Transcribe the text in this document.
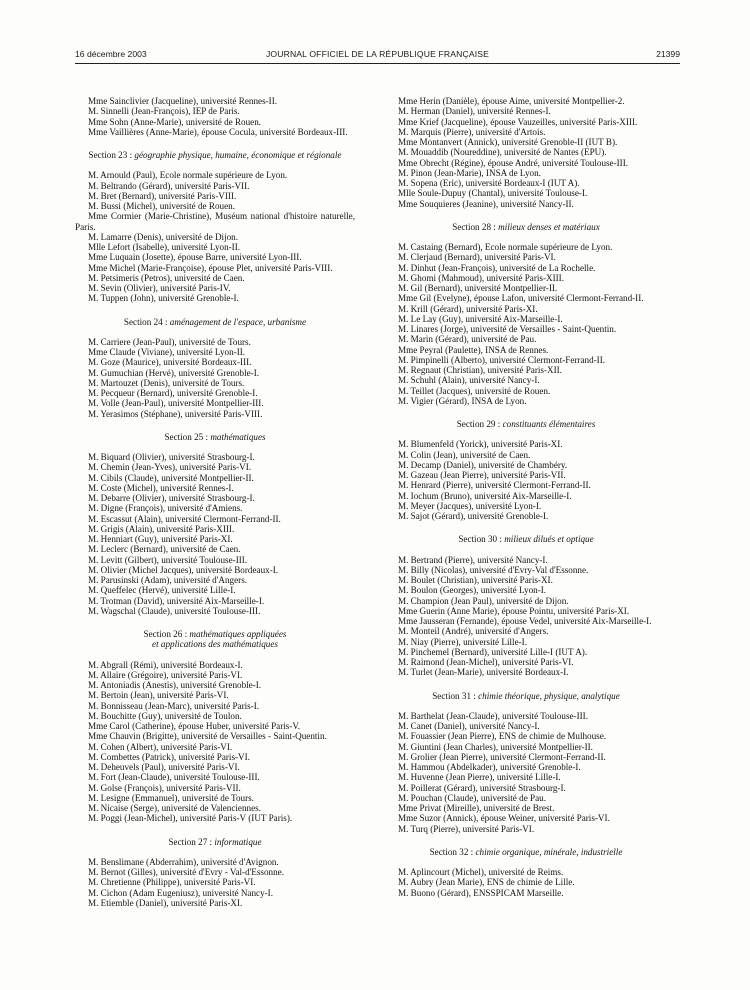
16 décembre 2003	JOURNAL OFFICIEL DE LA RÉPUBLIQUE FRANÇAISE	21399

Mme Sainclivier (Jacqueline), université Rennes-II.

M. Sinnelli (Jean-François), IEP de Paris.

Mme Sohn (Anne-Marie), université de Rouen.

Mme Vaillières (Anne-Marie), épouse Cocula, université Bordeaux-III.

Section 23 : géographie physique, humaine, économique et régionale

M. Arnould (Paul), Ecole normale supérieure de Lyon.

M. Beltrando (Gérard), université Paris-VII.

M. Bret (Bernard), université Paris-VIII.

M. Bussi (Michel), université de Rouen.

Mme Cormier (Marie-Christine), Muséum national d'histoire naturelle, Paris.

M. Lamarre (Denis), université de Dijon.

Mlle Lefort (Isabelle), université Lyon-II.

Mme Luquain (Josette), épouse Barre, université Lyon-III.

Mme Michel (Marie-Françoise), épouse Plet, université Paris-VIII.

M. Petsimeris (Petros), université de Caen.

M. Sevin (Olivier), université Paris-IV.

M. Tuppen (John), université Grenoble-I.

Section 24 : aménagement de l'espace, urbanisme

M. Carriere (Jean-Paul), université de Tours.

Mme Claude (Viviane), université Lyon-II.

M. Goze (Maurice), université Bordeaux-III.

M. Gumuchian (Hervé), université Grenoble-I.

M. Martouzet (Denis), université de Tours.

M. Pecqueur (Bernard), université Grenoble-I.

M. Volle (Jean-Paul), université Montpellier-III.

M. Yerasimos (Stéphane), université Paris-VIII.

Section 25 : mathématiques

M. Biquard (Olivier), université Strasbourg-I.

M. Chemin (Jean-Yves), université Paris-VI.

M. Cibils (Claude), université Montpellier-II.

M. Coste (Michel), université Rennes-I.

M. Debarre (Olivier), université Strasbourg-I.

M. Digne (François), université d'Amiens.

M. Escassut (Alain), université Clermont-Ferrand-II.

M. Grigis (Alain), université Paris-XIII.

M. Henniart (Guy), université Paris-XI.

M. Leclerc (Bernard), université de Caen.

M. Levitt (Gilbert), université Toulouse-III.

M. Olivier (Michel Jacques), université Bordeaux-I.

M. Parusinski (Adam), université d'Angers.

M. Queffelec (Hervé), université Lille-I.

M. Trotman (David), université Aix-Marseille-I.

M. Wagschal (Claude), université Toulouse-III.

Section 26 : mathématiques appliquées
et applications des mathématiques

M. Abgrall (Rémi), université Bordeaux-I.

M. Allaire (Grégoire), université Paris-VI.

M. Antoniadis (Anestis), université Grenoble-I.

M. Bertoin (Jean), université Paris-VI.

M. Bonnisseau (Jean-Marc), université Paris-I.

M. Bouchitte (Guy), université de Toulon.

Mme Carol (Catherine), épouse Huber, université Paris-V.

Mme Chauvin (Brigitte), université de Versailles - Saint-Quentin.

M. Cohen (Albert), université Paris-VI.

M. Combettes (Patrick), université Paris-VI.

M. Deheuvels (Paul), université Paris-VI.

M. Fort (Jean-Claude), université Toulouse-III.

M. Golse (François), université Paris-VII.

M. Lesigne (Emmanuel), université de Tours.

M. Nicaise (Serge), université de Valenciennes.

M. Poggi (Jean-Michel), université Paris-V (IUT Paris).

Section 27 : informatique

M. Benslimane (Abderrahim), université d'Avignon.

M. Bernot (Gilles), université d'Evry - Val-d'Essonne.

M. Chretienne (Philippe), université Paris-VI.

M. Cichon (Adam Eugeniusz), université Nancy-I.

M. Etiemble (Daniel), université Paris-XI.

Mme Herin (Danièle), épouse Aime, université Montpellier-2.

M. Herman (Daniel), université Rennes-I.

Mme Krief (Jacqueline), épouse Vauzeilles, université Paris-XIII.

M. Marquis (Pierre), université d'Artois.

Mme Montanvert (Annick), université Grenoble-II (IUT B).

M. Mouaddib (Noureddine), université de Nantes (EPU).

Mme Obrecht (Régine), épouse André, université Toulouse-III.

M. Pinon (Jean-Marie), INSA de Lyon.

M. Sopena (Eric), université Bordeaux-I (IUT A).

Mlle Soule-Dupuy (Chantal), université Toulouse-I.

Mme Souquieres (Jeanine), université Nancy-II.

Section 28 : milieux denses et matériaux

M. Castaing (Bernard), Ecole normale supérieure de Lyon.

M. Clerjaud (Bernard), université Paris-VI.

M. Dinhut (Jean-François), université de La Rochelle.

M. Ghomi (Mahmoud), université Paris-XIII.

M. Gil (Bernard), université Montpellier-II.

Mme Gil (Evelyne), épouse Lafon, université Clermont-Ferrand-II.

M. Krill (Gérard), université Paris-XI.

M. Le Lay (Guy), université Aix-Marseille-I.

M. Linares (Jorge), université de Versailles - Saint-Quentin.

M. Marin (Gérard), université de Pau.

Mme Peyral (Paulette), INSA de Rennes.

M. Pimpinelli (Alberto), université Clermont-Ferrand-II.

M. Regnaut (Christian), université Paris-XII.

M. Schuhl (Alain), université Nancy-I.

M. Teillet (Jacques), université de Rouen.

M. Vigier (Gérard), INSA de Lyon.

Section 29 : constituants élémentaires

M. Blumenfeld (Yorick), université Paris-XI.

M. Colin (Jean), université de Caen.

M. Decamp (Daniel), université de Chambéry.

M. Gazeau (Jean Pierre), université Paris-VII.

M. Henrard (Pierre), université Clermont-Ferrand-II.

M. Iochum (Bruno), université Aix-Marseille-I.

M. Meyer (Jacques), université Lyon-I.

M. Sajot (Gérard), université Grenoble-I.

Section 30 : milieux dilués et optique

M. Bertrand (Pierre), université Nancy-I.

M. Billy (Nicolas), université d'Evry-Val d'Essonne.

M. Boulet (Christian), université Paris-XI.

M. Boulon (Georges), université Lyon-I.

M. Champion (Jean Paul), université de Dijon.

Mme Guerin (Anne Marie), épouse Pointu, université Paris-XI.

Mme Jausseran (Fernande), épouse Vedel, université Aix-Marseille-I.

M. Monteil (André), université d'Angers.

M. Niay (Pierre), université Lille-I.

M. Pinchemel (Bernard), université Lille-I (IUT A).

M. Raimond (Jean-Michel), université Paris-VI.

M. Turlet (Jean-Marie), université Bordeaux-I.

Section 31 : chimie théorique, physique, analytique

M. Barthelat (Jean-Claude), université Toulouse-III.

M. Canet (Daniel), université Nancy-I.

M. Fouassier (Jean Pierre), ENS de chimie de Mulhouse.

M. Giuntini (Jean Charles), université Montpellier-II.

M. Grolier (Jean Pierre), université Clermont-Ferrand-II.

M. Hammou (Abdelkader), université Grenoble-I.

M. Huvenne (Jean Pierre), université Lille-I.

M. Poillerat (Gérard), université Strasbourg-I.

M. Pouchan (Claude), université de Pau.

Mme Privat (Mireille), université de Brest.

Mme Suzor (Annick), épouse Weiner, université Paris-VI.

M. Turq (Pierre), université Paris-VI.

Section 32 : chimie organique, minérale, industrielle

M. Aplincourt (Michel), université de Reims.

M. Aubry (Jean Marie), ENS de chimie de Lille.

M. Buono (Gérard), ENSSPICAM Marseille.
